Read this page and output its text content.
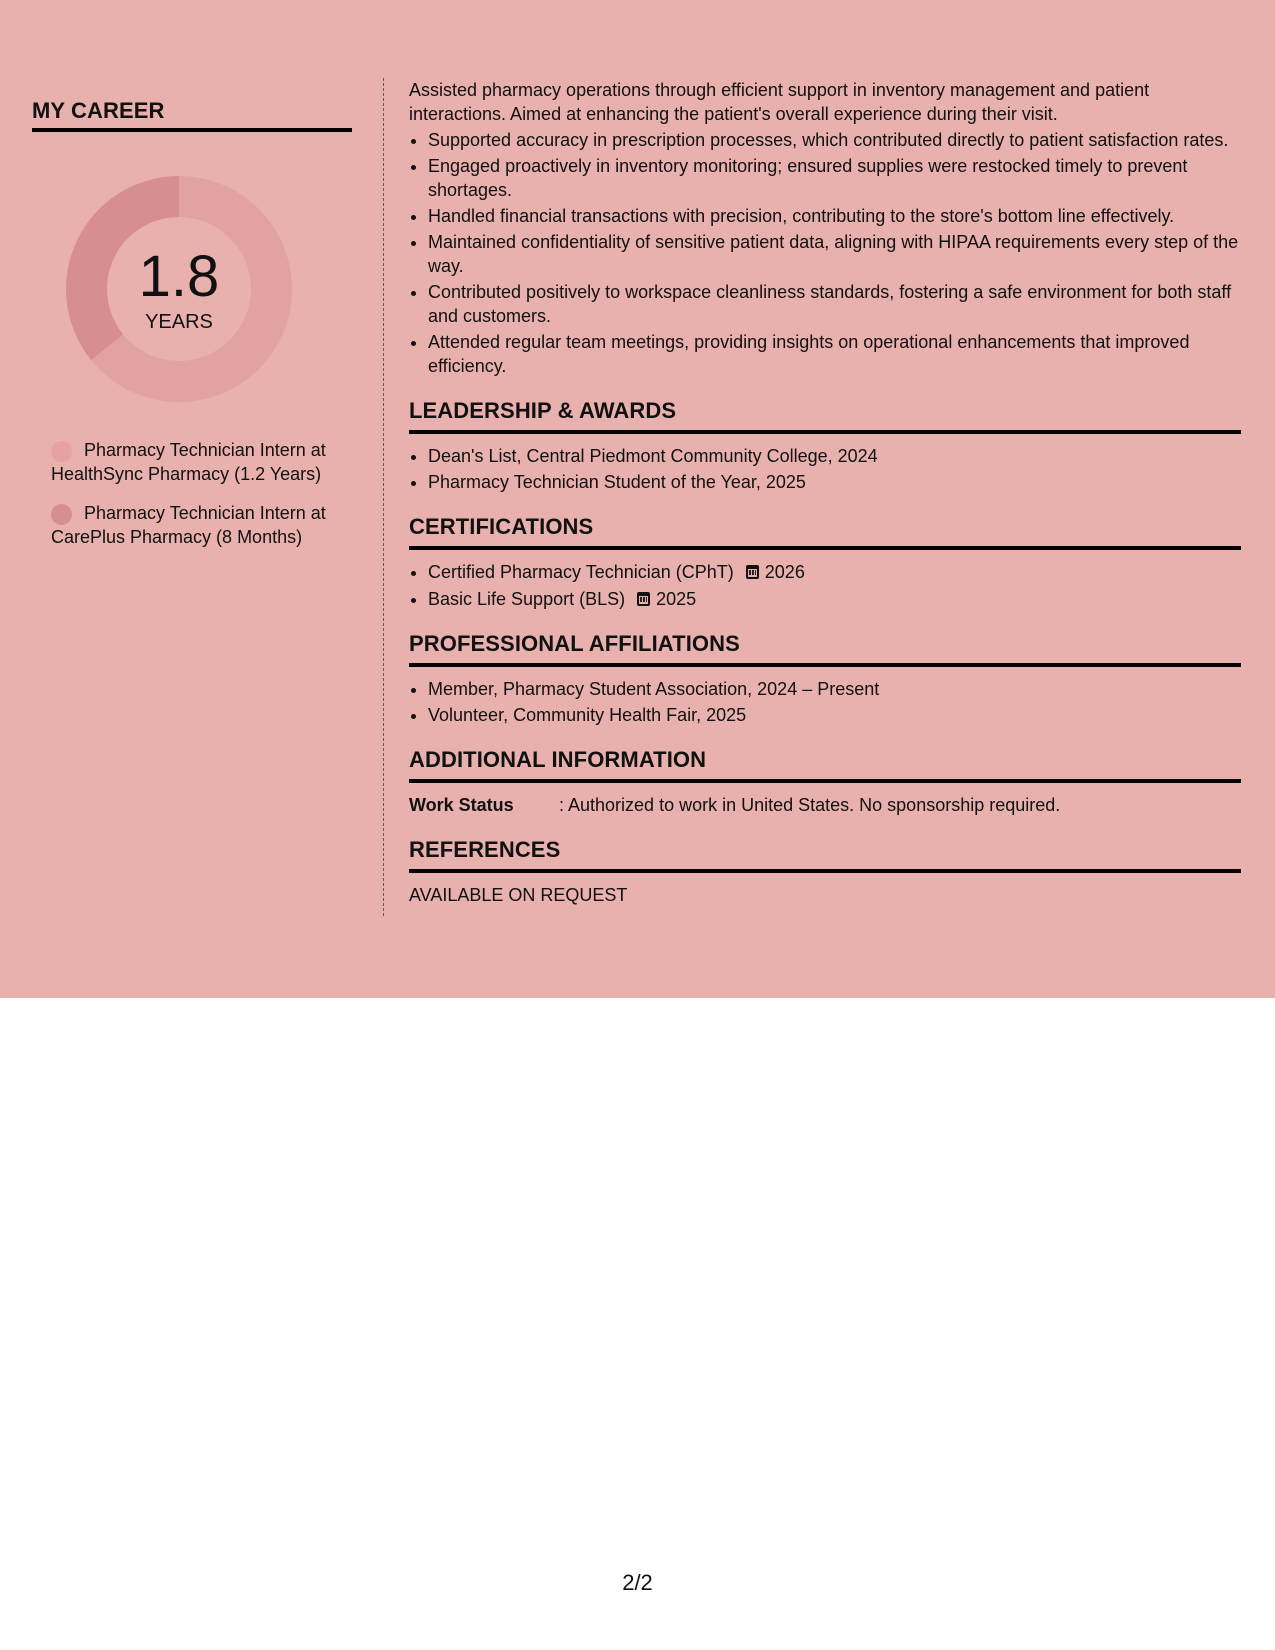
MY CAREER
1.8
YEARS
Pharmacy Technician Intern at HealthSync Pharmacy (1.2 Years)
Pharmacy Technician Intern at CarePlus Pharmacy (8 Months)

Assisted pharmacy operations through efficient support in inventory management and patient interactions. Aimed at enhancing the patient's overall experience during their visit.

• Supported accuracy in prescription processes, which contributed directly to patient satisfaction rates.
• Engaged proactively in inventory monitoring; ensured supplies were restocked timely to prevent shortages.
• Handled financial transactions with precision, contributing to the store's bottom line effectively.
• Maintained confidentiality of sensitive patient data, aligning with HIPAA requirements every step of the way.
• Contributed positively to workspace cleanliness standards, fostering a safe environment for both staff and customers.
• Attended regular team meetings, providing insights on operational enhancements that improved efficiency.
LEADERSHIP & AWARDS
• Dean's List, Central Piedmont Community College, 2024
• Pharmacy Technician Student of the Year, 2025
CERTIFICATIONS
• Certified Pharmacy Technician (CPhT) 2026
• Basic Life Support (BLS) 2025
PROFESSIONAL AFFILIATIONS
• Member, Pharmacy Student Association, 2024 – Present
• Volunteer, Community Health Fair, 2025
ADDITIONAL INFORMATION
Work Status	: Authorized to work in United States. No sponsorship required.
REFERENCES

AVAILABLE ON REQUEST

2/2
